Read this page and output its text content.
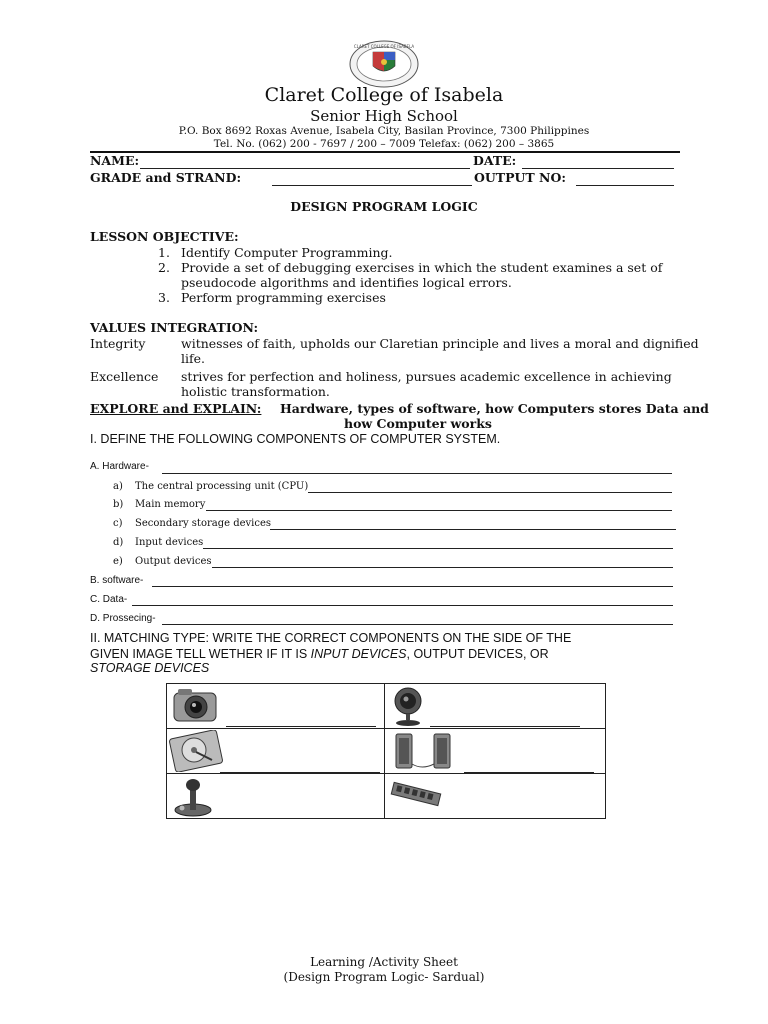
CLARET COLLEGE OF ISABELA
Claret College of Isabela
Senior High School
P.O. Box 8692 Roxas Avenue, Isabela City, Basilan Province, 7300 Philippines
Tel. No. (062) 200 - 7697 / 200 – 7009 Telefax: (062) 200 – 3865
NAME:	DATE:
GRADE and STRAND:	OUTPUT NO:
DESIGN PROGRAM LOGIC
LESSON OBJECTIVE:
1. Identify Computer Programming.
2. Provide a set of debugging exercises in which the student examines a set of
pseudocode algorithms and identifies logical errors.
3. Perform programming exercises
VALUES INTEGRATION:
Integrity	witnesses of faith, upholds our Claretian principle and lives a moral and dignified
life.
Excellence strives for perfection and holiness, pursues academic excellence in achieving
holistic transformation.
EXPLORE and EXPLAIN: Hardware, types of software, how Computers stores Data and
how Computer works
I. DEFINE THE FOLLOWING COMPONENTS OF COMPUTER SYSTEM.
A. Hardware-
a) The central processing unit (CPU)
b) Main memory
c) Secondary storage devices
d) Input devices
e) Output devices
B. software-
C. Data-
D. Prossecing-
II. MATCHING TYPE: WRITE THE CORRECT COMPONENTS ON THE SIDE OF THE
GIVEN IMAGE TELL WETHER IF IT IS INPUT DEVICES, OUTPUT DEVICES, OR
STORAGE DEVICES
Learning /Activity Sheet
(Design Program Logic- Sardual)
